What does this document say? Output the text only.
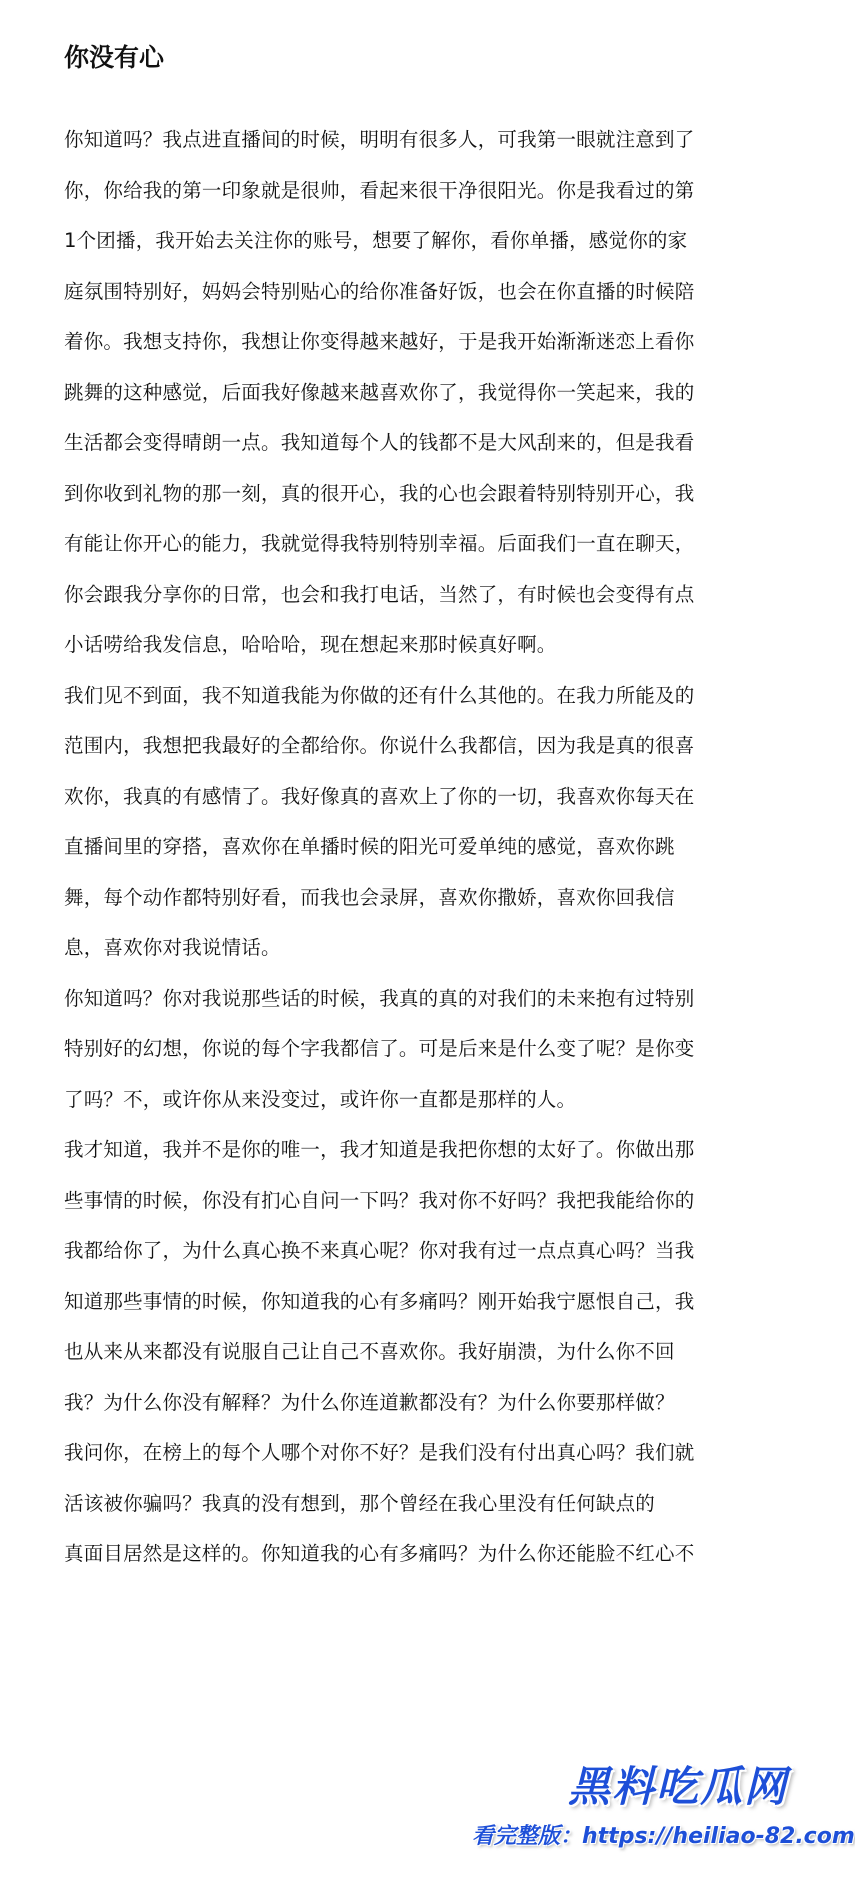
你没有心
你知道吗？我点进直播间的时候，明明有很多人，可我第一眼就注意到了
你，你给我的第一印象就是很帅，看起来很干净很阳光。你是我看过的第
1个团播，我开始去关注你的账号，想要了解你，看你单播，感觉你的家
庭氛围特别好，妈妈会特别贴心的给你准备好饭，也会在你直播的时候陪
着你。我想支持你，我想让你变得越来越好，于是我开始渐渐迷恋上看你
跳舞的这种感觉，后面我好像越来越喜欢你了，我觉得你一笑起来，我的
生活都会变得晴朗一点。我知道每个人的钱都不是大风刮来的，但是我看
到你收到礼物的那一刻，真的很开心，我的心也会跟着特别特别开心，我
有能让你开心的能力，我就觉得我特别特别幸福。后面我们一直在聊天，
你会跟我分享你的日常，也会和我打电话，当然了，有时候也会变得有点
小话唠给我发信息，哈哈哈，现在想起来那时候真好啊。
我们见不到面，我不知道我能为你做的还有什么其他的。在我力所能及的
范围内，我想把我最好的全都给你。你说什么我都信，因为我是真的很喜
欢你，我真的有感情了。我好像真的喜欢上了你的一切，我喜欢你每天在
直播间里的穿搭，喜欢你在单播时候的阳光可爱单纯的感觉，喜欢你跳
舞，每个动作都特别好看，而我也会录屏，喜欢你撒娇，喜欢你回我信
息，喜欢你对我说情话。
你知道吗？你对我说那些话的时候，我真的真的对我们的未来抱有过特别
特别好的幻想，你说的每个字我都信了。可是后来是什么变了呢？是你变
了吗？不，或许你从来没变过，或许你一直都是那样的人。
我才知道，我并不是你的唯一，我才知道是我把你想的太好了。你做出那
些事情的时候，你没有扪心自问一下吗？我对你不好吗？我把我能给你的
我都给你了，为什么真心换不来真心呢？你对我有过一点点真心吗？当我
知道那些事情的时候，你知道我的心有多痛吗？刚开始我宁愿恨自己，我
也从来从来都没有说服自己让自己不喜欢你。我好崩溃，为什么你不回
我？为什么你没有解释？为什么你连道歉都没有？为什么你要那样做？
我问你，在榜上的每个人哪个对你不好？是我们没有付出真心吗？我们就
活该被你骗吗？我真的没有想到，那个曾经在我心里没有任何缺点的
真面目居然是这样的。你知道我的心有多痛吗？为什么你还能脸不红心不
黑料吃瓜网
看完整版：https://heiliao-82.com
